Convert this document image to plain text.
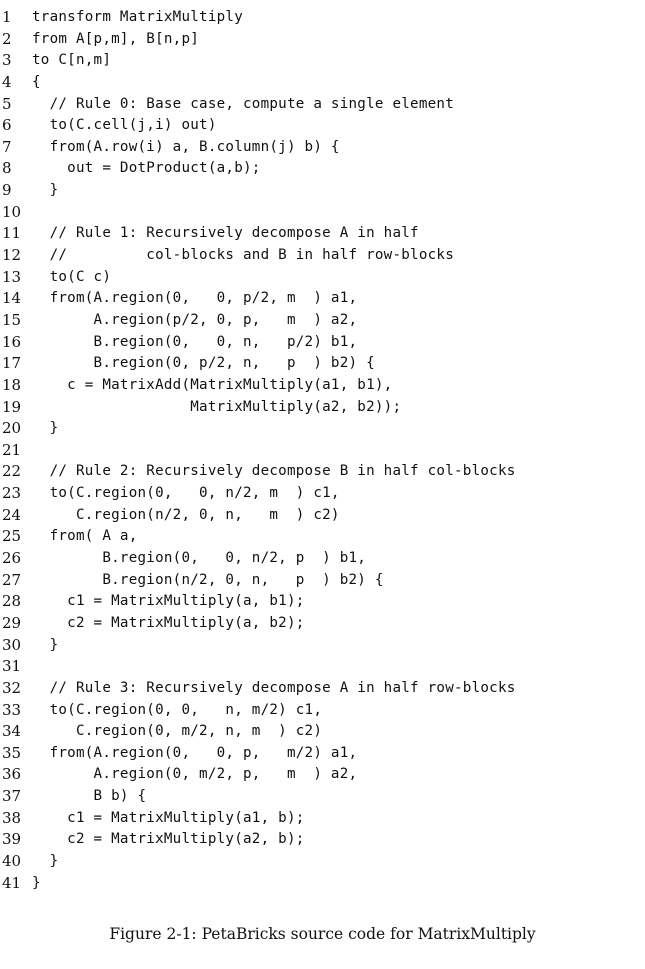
1	transform MatrixMultiply
2	from A[p,m], B[n,p]
3	to C[n,m]
4	{
5	// Rule 0: Base case, compute a single element
6	to(C.cell(j,i) out)
7	from(A.row(i) a, B.column(j) b) {
8	out = DotProduct(a,b);
9	}
10
11 // Rule 1: Recursively decompose A in half
12 //         col-blocks and B in half row-blocks
13 to(C c)
14 from(A.region(0,   0, p/2, m  ) a1,
15 A.region(p/2, 0, p,   m  ) a2,
16 B.region(0,   0, n,   p/2) b1,
17 B.region(0, p/2, n,   p  ) b2) {
18 c = MatrixAdd(MatrixMultiply(a1, b1),
19 MatrixMultiply(a2, b2));
20 }
21
22 // Rule 2: Recursively decompose B in half col-blocks
23 to(C.region(0,   0, n/2, m  ) c1,
24 C.region(n/2, 0, n,   m  ) c2)
25 from( A a,
26 B.region(0,   0, n/2, p  ) b1,
27 B.region(n/2, 0, n,   p  ) b2) {
28 c1 = MatrixMultiply(a, b1);
29 c2 = MatrixMultiply(a, b2);
30 }
31
32 // Rule 3: Recursively decompose A in half row-blocks
33 to(C.region(0, 0,   n, m/2) c1,
34 C.region(0, m/2, n, m  ) c2)
35 from(A.region(0,   0, p,   m/2) a1,
36 A.region(0, m/2, p,   m  ) a2,
37 B b) {
38 c1 = MatrixMultiply(a1, b);
39 c2 = MatrixMultiply(a2, b);
40 }
41 }
Figure 2-1: PetaBricks source code for MatrixMultiply
